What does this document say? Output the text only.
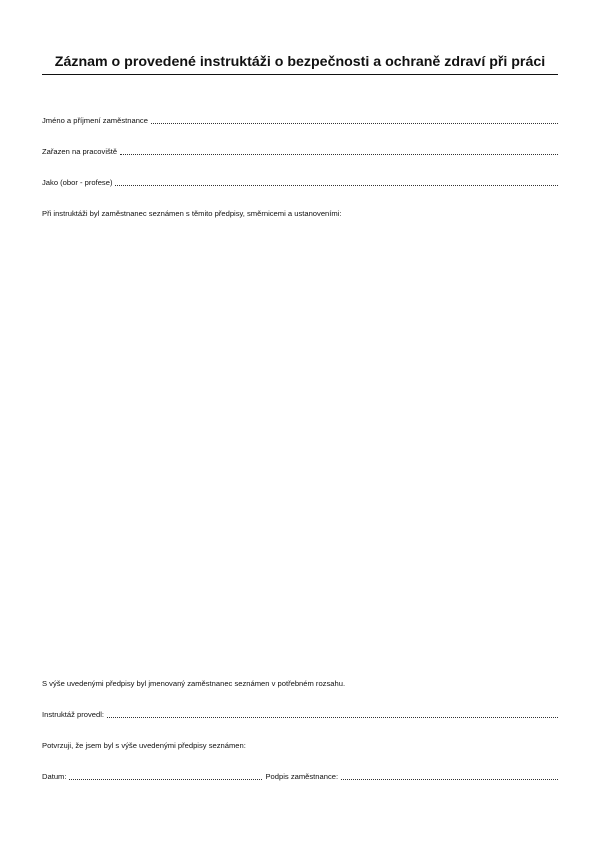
Záznam o provedené instruktáži o bezpečnosti a ochraně zdraví při práci
Jméno a příjmení zaměstnance
Zařazen na pracoviště
Jako (obor - profese)

Při instruktáži byl zaměstnanec seznámen s těmito předpisy, směrnicemi a ustanoveními:

S výše uvedenými předpisy byl jmenovaný zaměstnanec seznámen v potřebném rozsahu.

Instruktáž provedl:

Potvrzuji, že jsem byl s výše uvedenými předpisy seznámen:

Datum:	Podpis zaměstnance:
